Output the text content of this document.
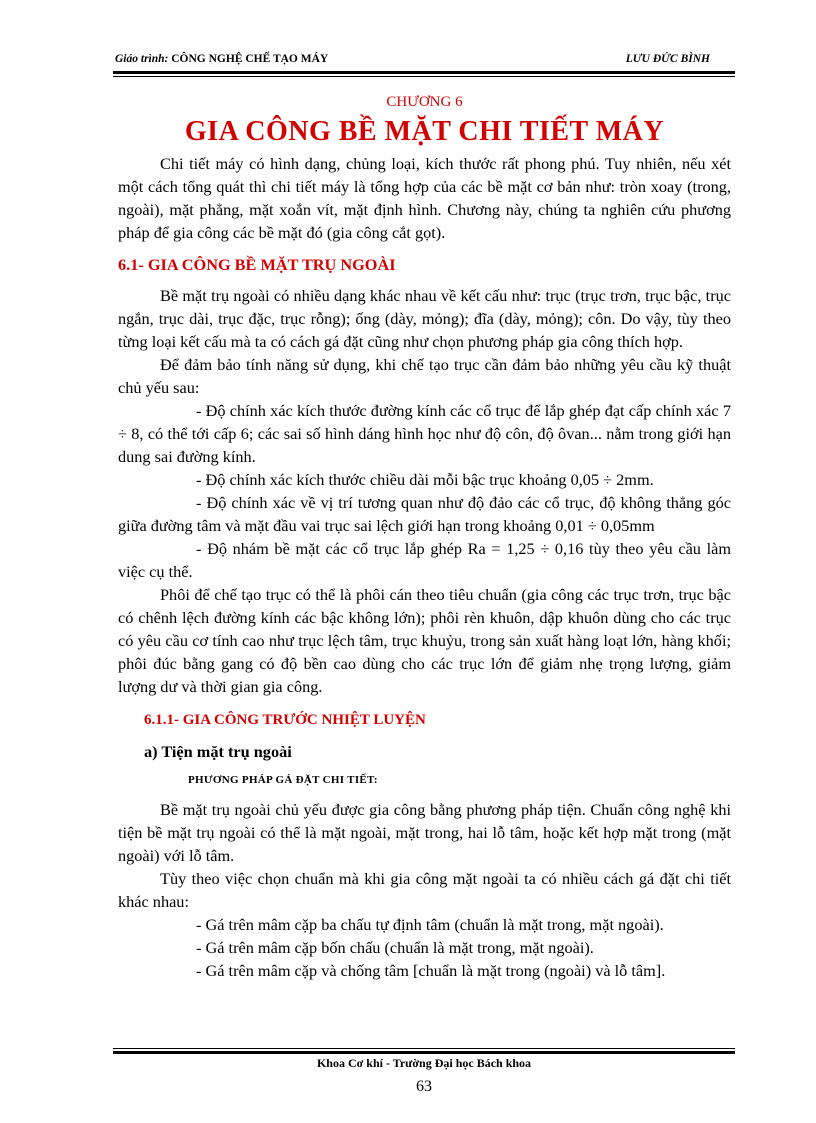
Giáo trình: CÔNG NGHỆ CHẾ TẠO MÁY	LƯU ĐỨC BÌNH
CHƯƠNG 6
GIA CÔNG BỀ MẶT CHI TIẾT MÁY

Chi tiết máy có hình dạng, chủng loại, kích thước rất phong phú. Tuy nhiên, nếu xét một cách tổng quát thì chi tiết máy là tổng hợp của các bề mặt cơ bản như: tròn xoay (trong, ngoài), mặt phẳng, mặt xoắn vít, mặt định hình. Chương này, chúng ta nghiên cứu phương pháp để gia công các bề mặt đó (gia công cắt gọt).

6.1- GIA CÔNG BỀ MẶT TRỤ NGOÀI

Bề mặt trụ ngoài có nhiều dạng khác nhau về kết cấu như: trục (trục trơn, trục bậc, trục ngắn, trục dài, trục đặc, trục rỗng); ống (dày, mỏng); đĩa (dày, mỏng); côn. Do vậy, tùy theo từng loại kết cấu mà ta có cách gá đặt cũng như chọn phương pháp gia công thích hợp.

Để đảm bảo tính năng sử dụng, khi chế tạo trục cần đảm bảo những yêu cầu kỹ thuật chủ yếu sau:

- Độ chính xác kích thước đường kính các cổ trục để lắp ghép đạt cấp chính xác 7 ÷ 8, có thể tới cấp 6; các sai số hình dáng hình học như độ côn, độ ôvan... nằm trong giới hạn dung sai đường kính.

- Độ chính xác kích thước chiều dài mỗi bậc trục khoảng 0,05 ÷ 2mm.

- Độ chính xác về vị trí tương quan như độ đảo các cổ trục, độ không thẳng góc giữa đường tâm và mặt đầu vai trục sai lệch giới hạn trong khoảng 0,01 ÷ 0,05mm

- Độ nhám bề mặt các cổ trục lắp ghép Ra = 1,25 ÷ 0,16 tùy theo yêu cầu làm việc cụ thể.

Phôi để chế tạo trục có thể là phôi cán theo tiêu chuẩn (gia công các trục trơn, trục bậc có chênh lệch đường kính các bậc không lớn); phôi rèn khuôn, dập khuôn dùng cho các trục có yêu cầu cơ tính cao như trục lệch tâm, trục khuỷu, trong sản xuất hàng loạt lớn, hàng khối; phôi đúc bằng gang có độ bền cao dùng cho các trục lớn để giảm nhẹ trọng lượng, giảm lượng dư và thời gian gia công.

6.1.1- GIA CÔNG TRƯỚC NHIỆT LUYỆN
a) Tiện mặt trụ ngoài
PHƯƠNG PHÁP GÁ ĐẶT CHI TIẾT:

Bề mặt trụ ngoài chủ yếu được gia công bằng phương pháp tiện. Chuẩn công nghệ khi tiện bề mặt trụ ngoài có thể là mặt ngoài, mặt trong, hai lỗ tâm, hoặc kết hợp mặt trong (mặt ngoài) với lỗ tâm.

Tùy theo việc chọn chuẩn mà khi gia công mặt ngoài ta có nhiều cách gá đặt chi tiết khác nhau:

- Gá trên mâm cặp ba chấu tự định tâm (chuẩn là mặt trong, mặt ngoài).

- Gá trên mâm cặp bốn chấu (chuẩn là mặt trong, mặt ngoài).

- Gá trên mâm cặp và chống tâm [chuẩn là mặt trong (ngoài) và lỗ tâm].

Khoa Cơ khí - Trường Đại học Bách khoa
63
